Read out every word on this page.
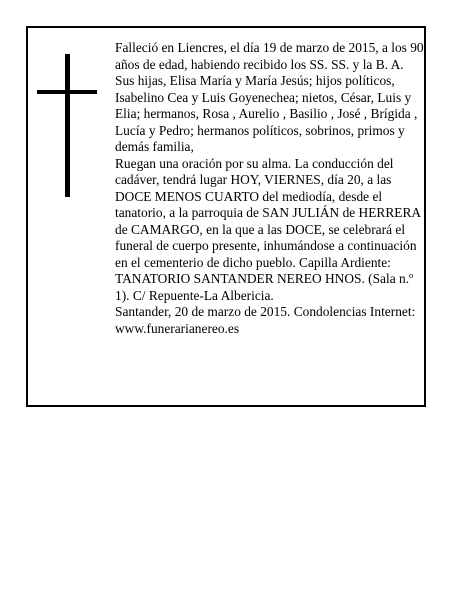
Falleció en Liencres, el día 19 de marzo de 2015, a los 90 años de edad, habiendo recibido los SS. SS. y la B. A.

Sus hijas, Elisa María y María Jesús; hijos políticos, Isabelino Cea y Luis Goyenechea; nietos, César, Luis y Elia; hermanos, Rosa , Aurelio , Basilio , José , Brígida , Lucía y Pedro; hermanos políticos, sobrinos, primos y demás familia,

Ruegan una oración por su alma. La conducción del cadáver, tendrá lugar HOY, VIERNES, día 20, a las DOCE MENOS CUARTO del mediodía, desde el tanatorio, a la parroquia de SAN JULIÁN de HERRERA de CAMARGO, en la que a las DOCE, se celebrará el funeral de cuerpo presente, inhumándose a continuación en el cementerio de dicho pueblo. Capilla Ardiente: TANATORIO SANTANDER NEREO HNOS. (Sala n.º 1). C/ Repuente-La Albericia.

Santander, 20 de marzo de 2015. Condolencias Internet: www.funerarianereo.es
